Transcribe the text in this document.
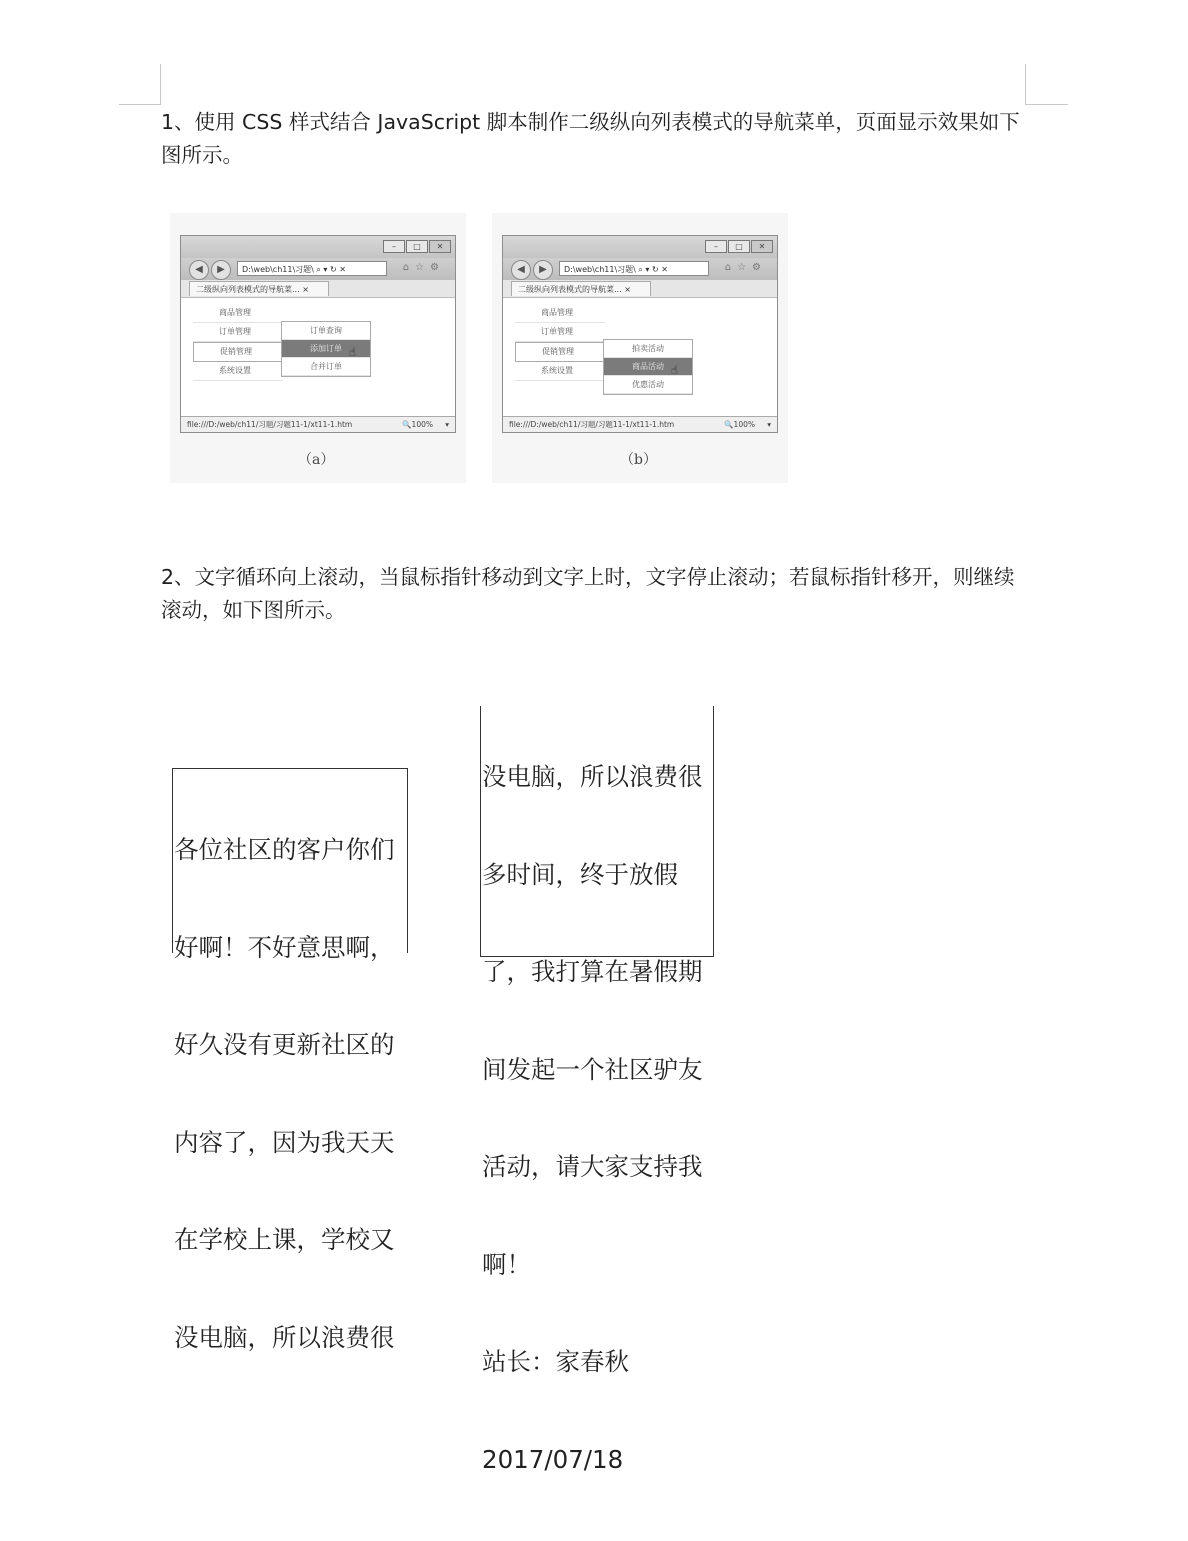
1、使用 CSS 样式结合 JavaScript 脚本制作二级纵向列表模式的导航菜单，页面显示效果如下图所示。

–	□	✕
◀	▶	D:\web\ch11\习题\ ⌕ ▾ ↻ ✕	⌂☆⚙
二级纵向列表模式的导航菜... ×
商品管理
订单管理
促销管理
系统设置
订单查询
添加订单 ☝
合并订单
file:///D:/web/ch11/习题/习题11-1/xt11-1.htm	🔍100% ▾
（a）
–	□	✕
◀	▶	D:\web\ch11\习题\ ⌕ ▾ ↻ ✕	⌂☆⚙
二级纵向列表模式的导航菜... ×
商品管理
订单管理
促销管理
系统设置
拍卖活动
商品活动 ☝
优惠活动
file:///D:/web/ch11/习题/习题11-1/xt11-1.htm	🔍100% ▾
（b）

2、文字循环向上滚动，当鼠标指针移动到文字上时，文字停止滚动；若鼠标指针移开，则继续滚动，如下图所示。

各位社区的客户你们

好啊！不好意思啊，

好久没有更新社区的

内容了，因为我天天

在学校上课，学校又

没电脑，所以浪费很

没电脑，所以浪费很

多时间，终于放假

了，我打算在暑假期

间发起一个社区驴友

活动，请大家支持我

啊！

站长：家春秋

2017/07/18
